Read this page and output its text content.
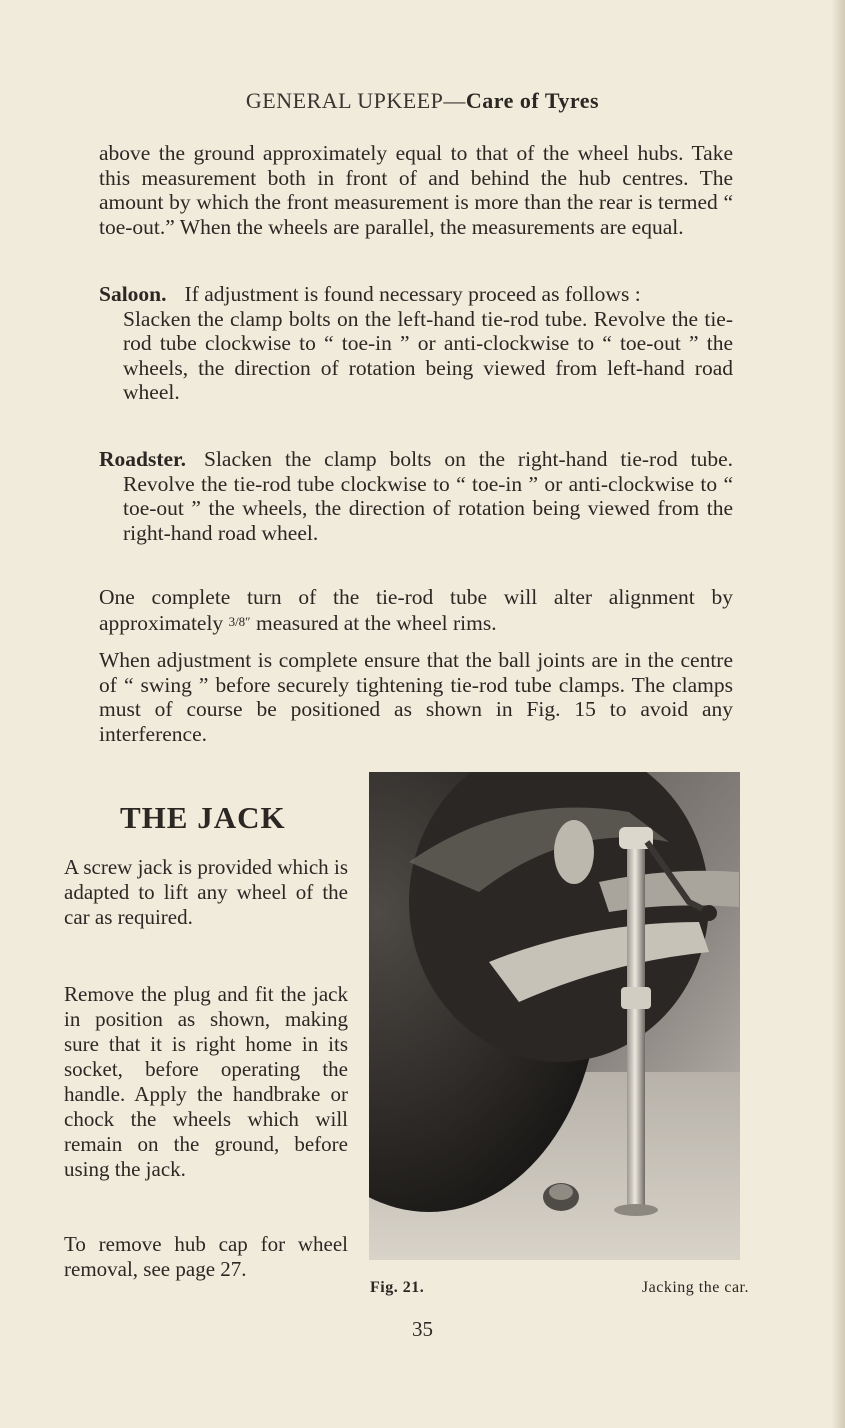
GENERAL UPKEEP—Care of Tyres

above the ground approximately equal to that of the wheel hubs. Take this measurement both in front of and behind the hub centres. The amount by which the front measurement is more than the rear is termed “ toe-out.” When the wheels are parallel, the measurements are equal.

Saloon. If adjustment is found necessary proceed as follows :
Slacken the clamp bolts on the left-hand tie-rod tube. Revolve the tie-rod tube clockwise to “ toe-in ” or anti-clockwise to “ toe-out ” the wheels, the direction of rotation being viewed from left-hand road wheel.
Roadster. Slacken the clamp bolts on the right-hand tie-rod tube. Revolve the tie-rod tube clockwise to “ toe-in ” or anti-clockwise to “ toe-out ” the wheels, the direction of rotation being viewed from the right-hand road wheel.

One complete turn of the tie-rod tube will alter alignment by approximately 3/8″ measured at the wheel rims.

When adjustment is complete ensure that the ball joints are in the centre of “ swing ” before securely tightening tie-rod tube clamps. The clamps must of course be positioned as shown in Fig. 15 to avoid any interference.

THE JACK

A screw jack is provided which is adapted to lift any wheel of the car as required.

Remove the plug and fit the jack in position as shown, making sure that it is right home in its socket, before operating the handle. Apply the handbrake or chock the wheels which will remain on the ground, before using the jack.

To remove hub cap for wheel removal, see page 27.

Fig. 21.	Jacking the car.
35
